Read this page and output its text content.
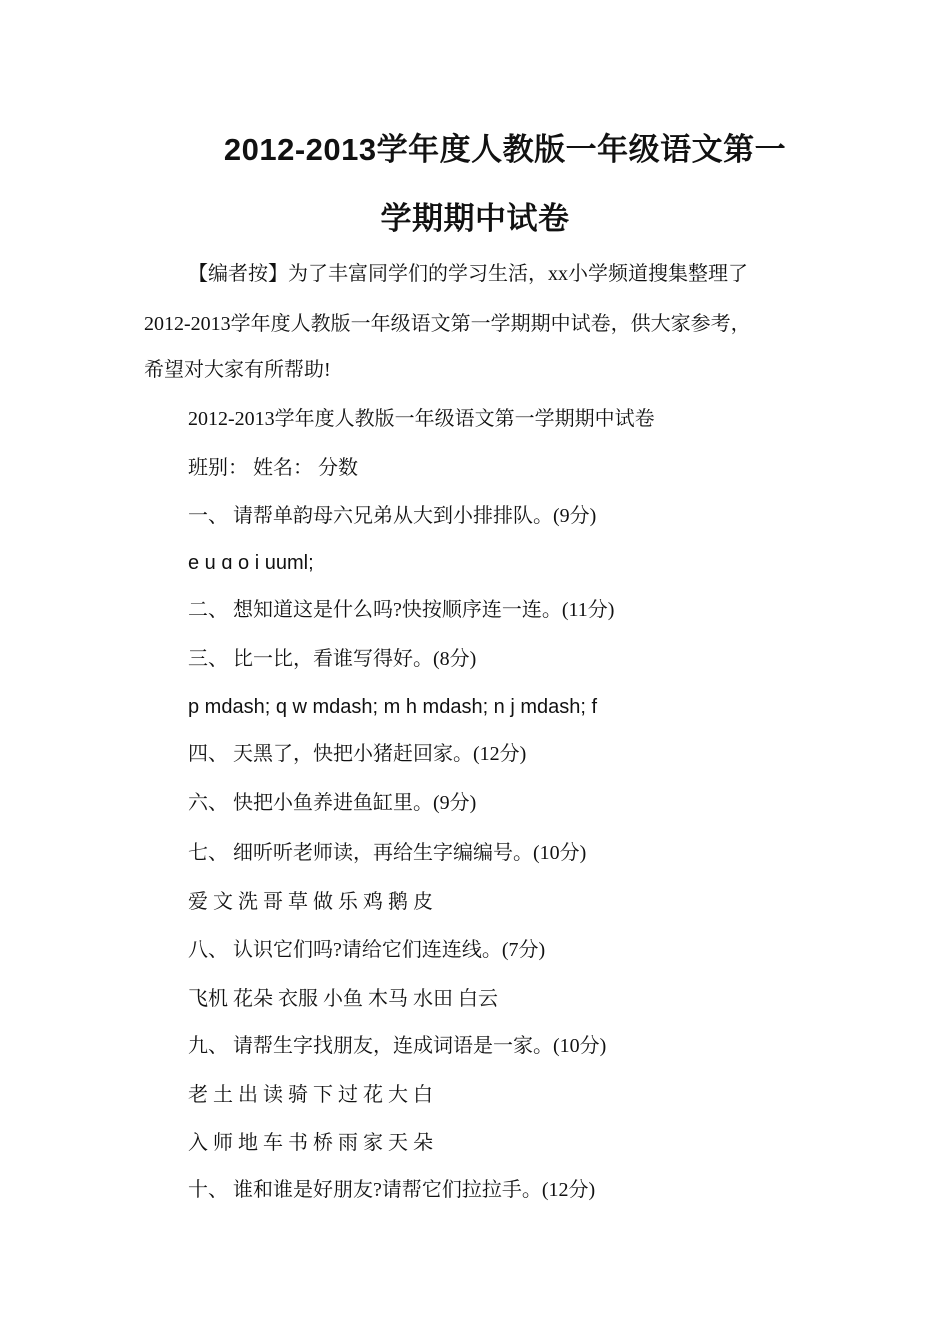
2012-2013学年度人教版一年级语文第一
学期期中试卷
【编者按】为了丰富同学们的学习生活，xx小学频道搜集整理了
2012-2013学年度人教版一年级语文第一学期期中试卷，供大家参考，
希望对大家有所帮助!
2012-2013学年度人教版一年级语文第一学期期中试卷
班别： 姓名： 分数
一、 请帮单韵母六兄弟从大到小排排队。(9分)
e u ɑ o i uuml;
二、 想知道这是什么吗?快按顺序连一连。(11分)
三、 比一比，看谁写得好。(8分)
p mdash; q w mdash; m h mdash; n j mdash; f
四、 天黑了，快把小猪赶回家。(12分)
六、 快把小鱼养进鱼缸里。(9分)
七、 细听听老师读，再给生字编编号。(10分)
爱 文 洗 哥 草 做 乐 鸡 鹅 皮
八、 认识它们吗?请给它们连连线。(7分)
飞机 花朵 衣服 小鱼 木马 水田 白云
九、 请帮生字找朋友，连成词语是一家。(10分)
老 土 出 读 骑 下 过 花 大 白
入 师 地 车 书 桥 雨 家 天 朵
十、 谁和谁是好朋友?请帮它们拉拉手。(12分)
